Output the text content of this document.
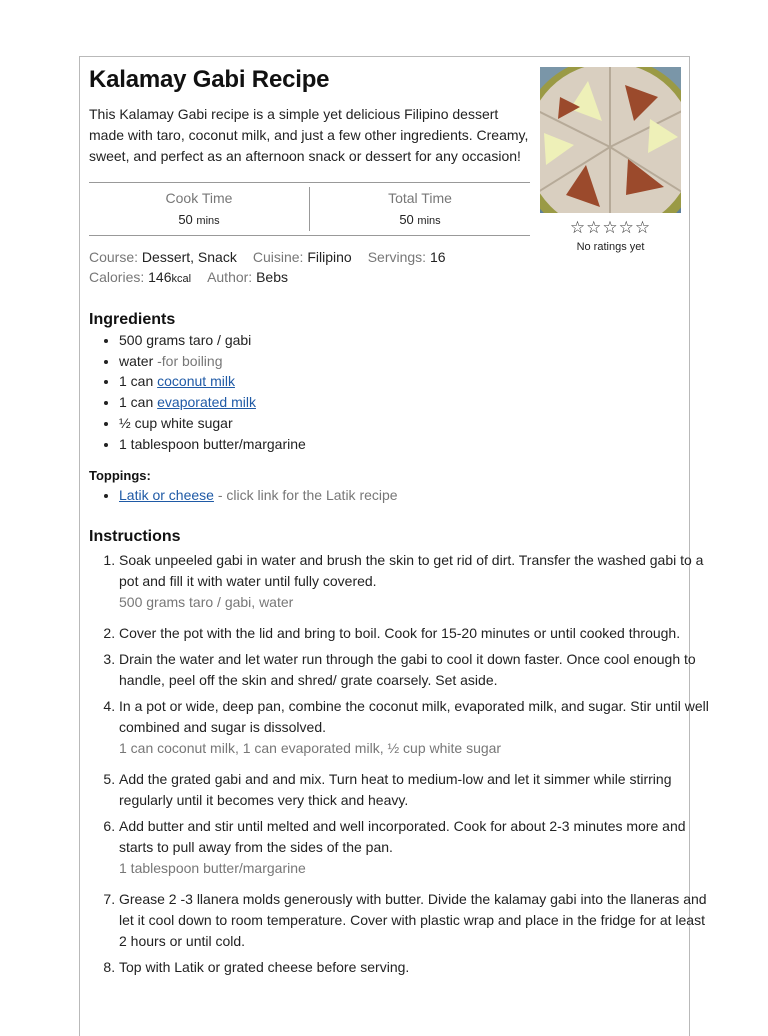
Kalamay Gabi Recipe

This Kalamay Gabi recipe is a simple yet delicious Filipino dessert made with taro, coconut milk, and just a few other ingredients. Creamy, sweet, and perfect as an afternoon snack or dessert for any occasion!

☆☆☆☆☆
No ratings yet
Cook Time
50 mins
Total Time
50 mins
Course: Dessert, Snack Cuisine: Filipino Servings: 16
Calories: 146kcal Author: Bebs
Ingredients
• 500 grams taro / gabi
• water -for boiling
• 1 can coconut milk
• 1 can evaporated milk
• ½ cup white sugar
• 1 tablespoon butter/margarine
Toppings:
• Latik or cheese - click link for the Latik recipe
Instructions
1. Soak unpeeled gabi in water and brush the skin to get rid of dirt. Transfer the washed gabi to a pot and fill it with water until fully covered.
500 grams taro / gabi, water
2. Cover the pot with the lid and bring to boil. Cook for 15-20 minutes or until cooked through.
3. Drain the water and let water run through the gabi to cool it down faster. Once cool enough to handle, peel off the skin and shred/ grate coarsely. Set aside.
4. In a pot or wide, deep pan, combine the coconut milk, evaporated milk, and sugar. Stir until well combined and sugar is dissolved.
1 can coconut milk, 1 can evaporated milk, ½ cup white sugar
5. Add the grated gabi and and mix. Turn heat to medium-low and let it simmer while stirring regularly until it becomes very thick and heavy.
6. Add butter and stir until melted and well incorporated. Cook for about 2-3 minutes more and starts to pull away from the sides of the pan.
1 tablespoon butter/margarine
7. Grease 2 -3 llanera molds generously with butter. Divide the kalamay gabi into the llaneras and let it cool down to room temperature. Cover with plastic wrap and place in the fridge for at least 2 hours or until cold.
8. Top with Latik or grated cheese before serving.
